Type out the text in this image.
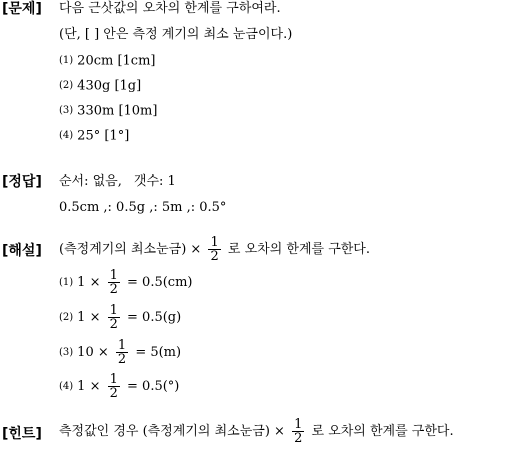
[문제] 다음 근삿값의 오차의 한계를 구하여라.
(단, [ ] 안은 측정 계기의 최소 눈금이다.)
(1) 20cm [1cm]
(2) 430g [1g]
(3) 330m [10m]
(4) 25° [1°]
[정답] 순서: 없음, 갯수: 1
0.5cm ,: 0.5g ,: 5m ,: 0.5°
[해설] (측정계기의 최소눈금) × $\frac{1}{2}$ 로 오차의 한계를 구한다.
(1) $1 \times \frac{1}{2} = 0.5(cm)$
(2) $1 \times \frac{1}{2} = 0.5(g)$
(3) $10 \times \frac{1}{2} = 5(m)$
(4) $1 \times \frac{1}{2} = 0.5(^\circ)$
[힌트] 측정값인 경우 (측정계기의 최소눈금) × $\frac{1}{2}$ 로 오차의 한계를 구한다.
